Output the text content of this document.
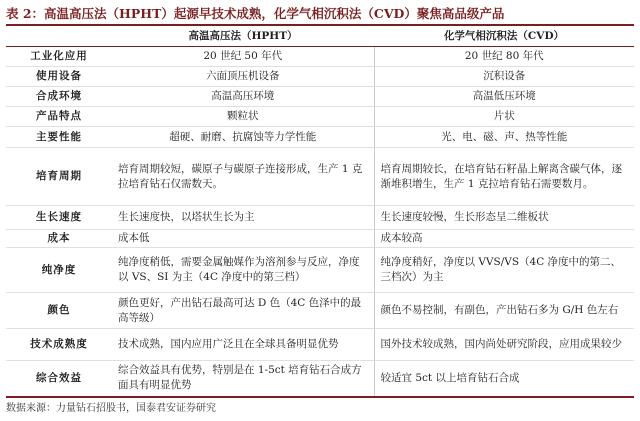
表 2：高温高压法（HPHT）起源早技术成熟，化学气相沉积法（CVD）聚焦高品级产品
	高温高压法（HPHT）	化学气相沉积法（CVD）
工业化应用	20 世纪 50 年代	20 世纪 80 年代
使用设备	六面顶压机设备	沉积设备
合成环境	高温高压环境	高温低压环境
产品特点	颗粒状	片状
主要性能	超硬、耐磨、抗腐蚀等力学性能	光、电、磁、声、热等性能
培育周期	培育周期较短，碳原子与碳原子连接形成，生产 1 克拉培育钻石仅需数天。	培育周期较长，在培育钻石籽晶上解离含碳气体，逐渐堆积增生，生产 1 克拉培育钻石需要数月。
生长速度	生长速度快，以塔状生长为主	生长速度较慢，生长形态呈二维板状
成本	成本低	成本较高
纯净度	纯净度稍低，需要金属触媒作为溶剂参与反应，净度以 VS、SI 为主（4C 净度中的第三档）	纯净度稍好，净度以 VVS/VS（4C 净度中的第二、三档次）为主
颜色	颜色更好，产出钻石最高可达 D 色（4C 色泽中的最高等级）	颜色不易控制，有副色，产出钻石多为 G/H 色左右
技术成熟度	技术成熟，国内应用广泛且在全球具备明显优势	国外技术较成熟，国内尚处研究阶段，应用成果较少
综合效益	综合效益具有优势，特别是在 1-5ct 培育钻石合成方面具有明显优势	较适宜 5ct 以上培育钻石合成
数据来源：力量钻石招股书，国泰君安证券研究
